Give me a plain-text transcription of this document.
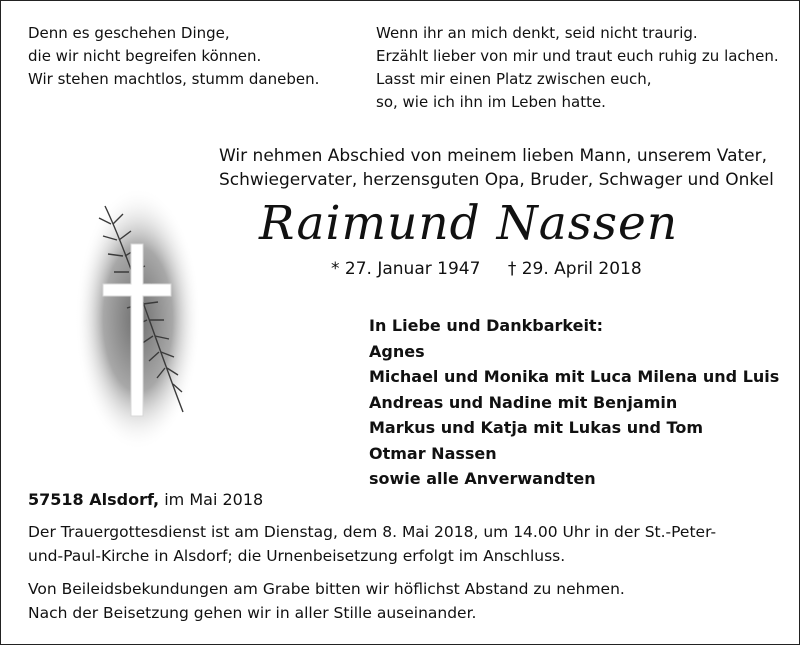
Denn es geschehen Dinge,
die wir nicht begreifen können.
Wir stehen machtlos, stumm daneben.
Wenn ihr an mich denkt, seid nicht traurig.
Erzählt lieber von mir und traut euch ruhig zu lachen.
Lasst mir einen Platz zwischen euch,
so, wie ich ihn im Leben hatte.
Wir nehmen Abschied von meinem lieben Mann, unserem Vater,
Schwiegervater, herzensguten Opa, Bruder, Schwager und Onkel
Raimund Nassen
* 27. Januar 1947 † 29. April 2018
In Liebe und Dankbarkeit:
Agnes
Michael und Monika mit Luca Milena und Luis
Andreas und Nadine mit Benjamin
Markus und Katja mit Lukas und Tom
Otmar Nassen
sowie alle Anverwandten
57518 Alsdorf, im Mai 2018
Der Trauergottesdienst ist am Dienstag, dem 8. Mai 2018, um 14.00 Uhr in der St.-Peter-
und-Paul-Kirche in Alsdorf; die Urnenbeisetzung erfolgt im Anschluss.
Von Beileidsbekundungen am Grabe bitten wir höflichst Abstand zu nehmen.
Nach der Beisetzung gehen wir in aller Stille auseinander.
